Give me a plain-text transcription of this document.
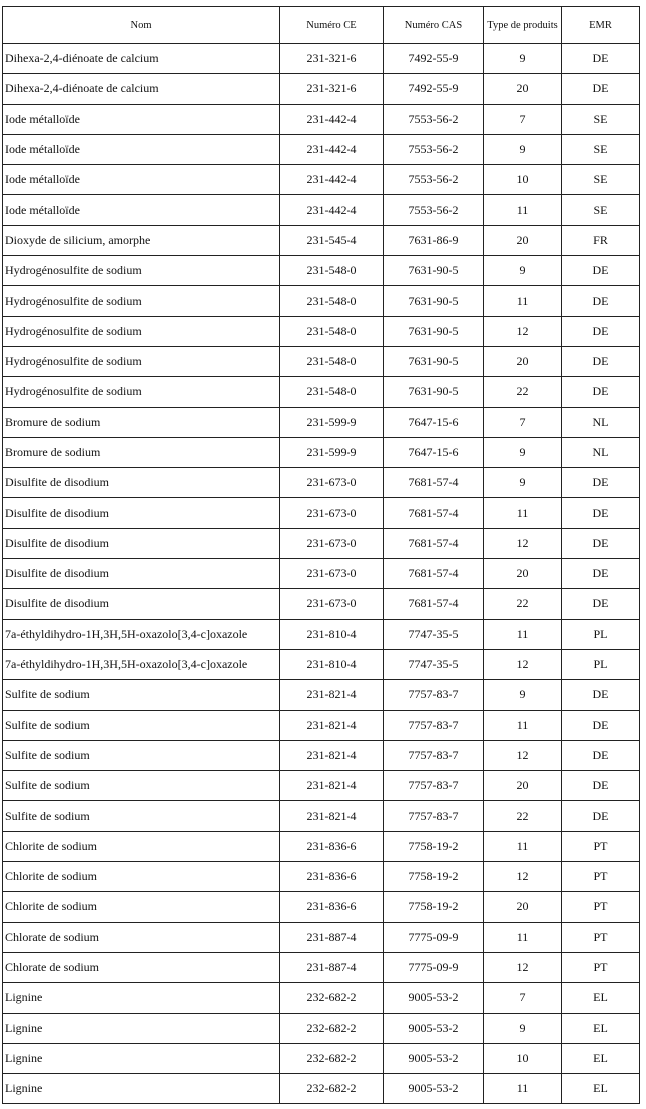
Nom	Numéro CE	Numéro CAS	Type de produits	EMR
Dihexa-2,4-diénoate de calcium	231-321-6	7492-55-9	9	DE
Dihexa-2,4-diénoate de calcium	231-321-6	7492-55-9	20	DE
Iode métalloïde	231-442-4	7553-56-2	7	SE
Iode métalloïde	231-442-4	7553-56-2	9	SE
Iode métalloïde	231-442-4	7553-56-2	10	SE
Iode métalloïde	231-442-4	7553-56-2	11	SE
Dioxyde de silicium, amorphe	231-545-4	7631-86-9	20	FR
Hydrogénosulfite de sodium	231-548-0	7631-90-5	9	DE
Hydrogénosulfite de sodium	231-548-0	7631-90-5	11	DE
Hydrogénosulfite de sodium	231-548-0	7631-90-5	12	DE
Hydrogénosulfite de sodium	231-548-0	7631-90-5	20	DE
Hydrogénosulfite de sodium	231-548-0	7631-90-5	22	DE
Bromure de sodium	231-599-9	7647-15-6	7	NL
Bromure de sodium	231-599-9	7647-15-6	9	NL
Disulfite de disodium	231-673-0	7681-57-4	9	DE
Disulfite de disodium	231-673-0	7681-57-4	11	DE
Disulfite de disodium	231-673-0	7681-57-4	12	DE
Disulfite de disodium	231-673-0	7681-57-4	20	DE
Disulfite de disodium	231-673-0	7681-57-4	22	DE
7a-éthyldihydro-1H,3H,5H-oxazolo[3,4-c]oxazole	231-810-4	7747-35-5	11	PL
7a-éthyldihydro-1H,3H,5H-oxazolo[3,4-c]oxazole	231-810-4	7747-35-5	12	PL
Sulfite de sodium	231-821-4	7757-83-7	9	DE
Sulfite de sodium	231-821-4	7757-83-7	11	DE
Sulfite de sodium	231-821-4	7757-83-7	12	DE
Sulfite de sodium	231-821-4	7757-83-7	20	DE
Sulfite de sodium	231-821-4	7757-83-7	22	DE
Chlorite de sodium	231-836-6	7758-19-2	11	PT
Chlorite de sodium	231-836-6	7758-19-2	12	PT
Chlorite de sodium	231-836-6	7758-19-2	20	PT
Chlorate de sodium	231-887-4	7775-09-9	11	PT
Chlorate de sodium	231-887-4	7775-09-9	12	PT
Lignine	232-682-2	9005-53-2	7	EL
Lignine	232-682-2	9005-53-2	9	EL
Lignine	232-682-2	9005-53-2	10	EL
Lignine	232-682-2	9005-53-2	11	EL
